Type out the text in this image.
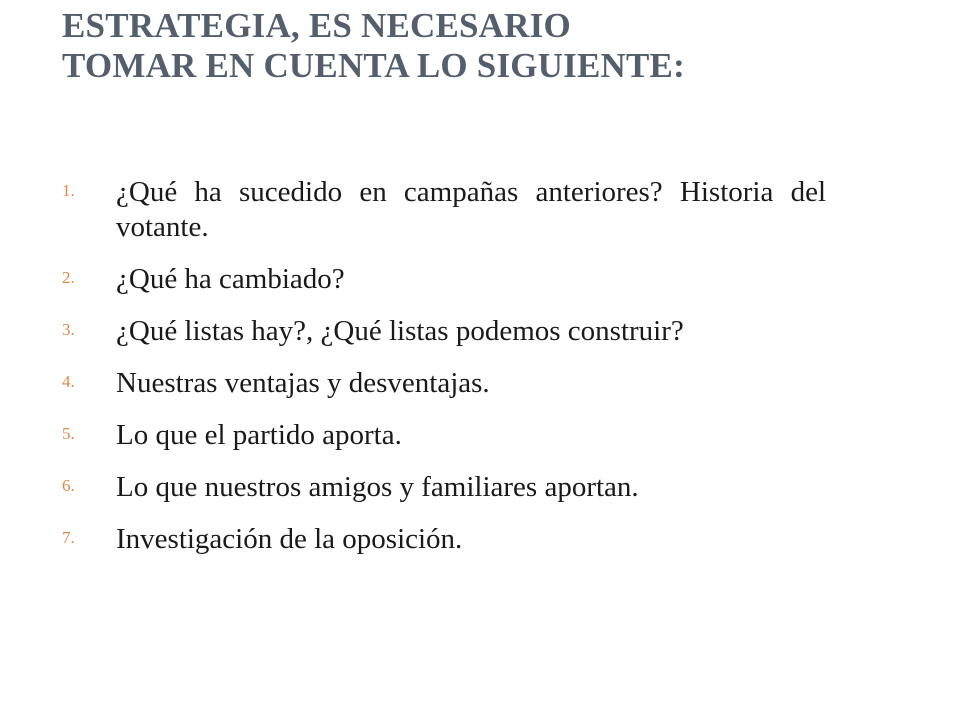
ESTRATEGIA, ES NECESARIO
TOMAR EN CUENTA LO SIGUIENTE:
1.	¿Qué ha sucedido en campañas anteriores? Historia del votante.
2.	¿Qué ha cambiado?
3.	¿Qué listas hay?, ¿Qué listas podemos construir?
4.	Nuestras ventajas y desventajas.
5.	Lo que el partido aporta.
6.	Lo que nuestros amigos y familiares aportan.
7.	Investigación de la oposición.
